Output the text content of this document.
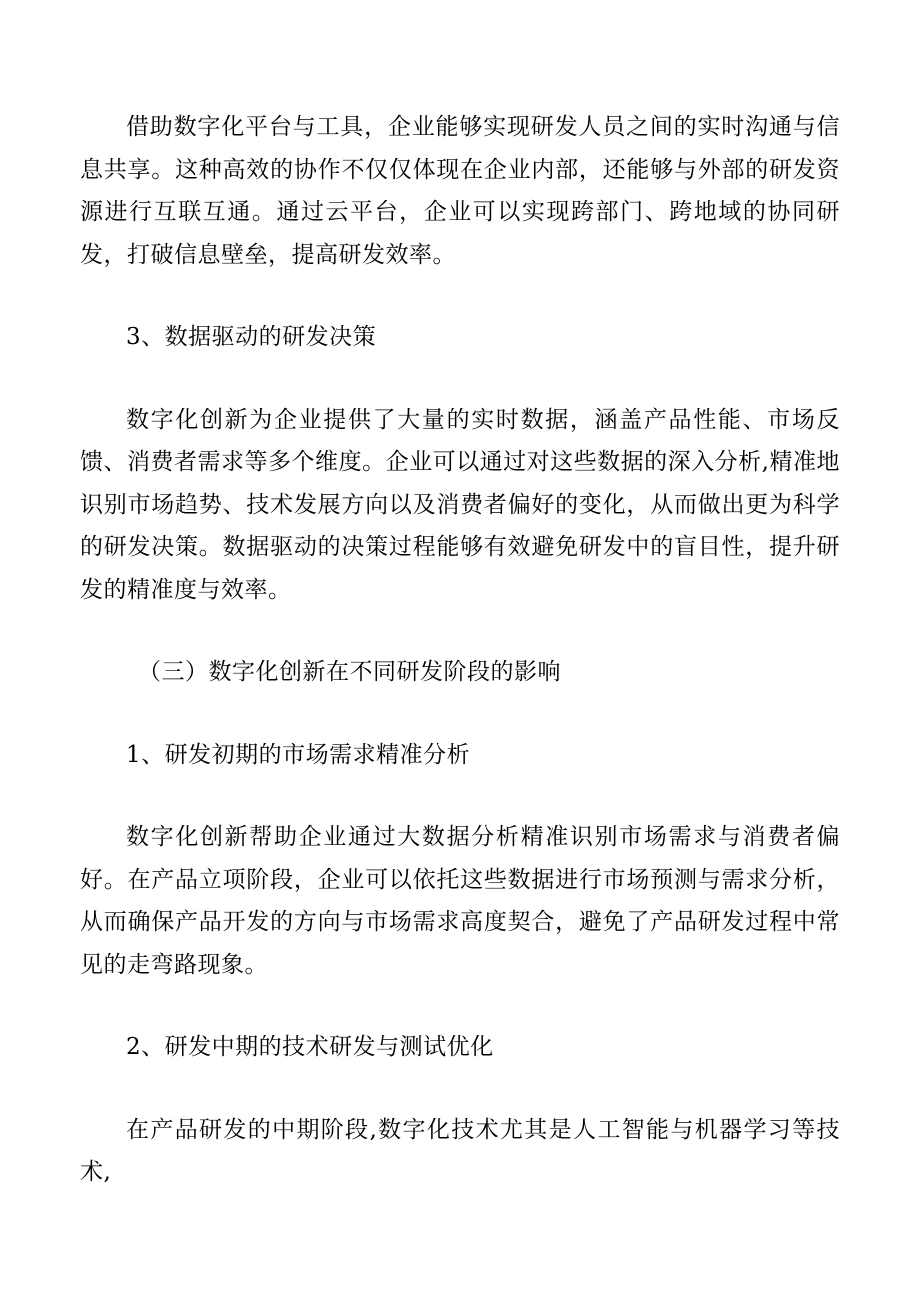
借助数字化平台与工具，企业能够实现研发人员之间的实时沟通与信息共享。这种高效的协作不仅仅体现在企业内部，还能够与外部的研发资源进行互联互通。通过云平台，企业可以实现跨部门、跨地域的协同研发，打破信息壁垒，提高研发效率。

3、数据驱动的研发决策

数字化创新为企业提供了大量的实时数据，涵盖产品性能、市场反馈、消费者需求等多个维度。企业可以通过对这些数据的深入分析,精准地识别市场趋势、技术发展方向以及消费者偏好的变化，从而做出更为科学的研发决策。数据驱动的决策过程能够有效避免研发中的盲目性，提升研发的精准度与效率。

（三）数字化创新在不同研发阶段的影响

1、研发初期的市场需求精准分析

数字化创新帮助企业通过大数据分析精准识别市场需求与消费者偏好。在产品立项阶段，企业可以依托这些数据进行市场预测与需求分析，从而确保产品开发的方向与市场需求高度契合，避免了产品研发过程中常见的走弯路现象。

2、研发中期的技术研发与测试优化

在产品研发的中期阶段,数字化技术尤其是人工智能与机器学习等技术,
